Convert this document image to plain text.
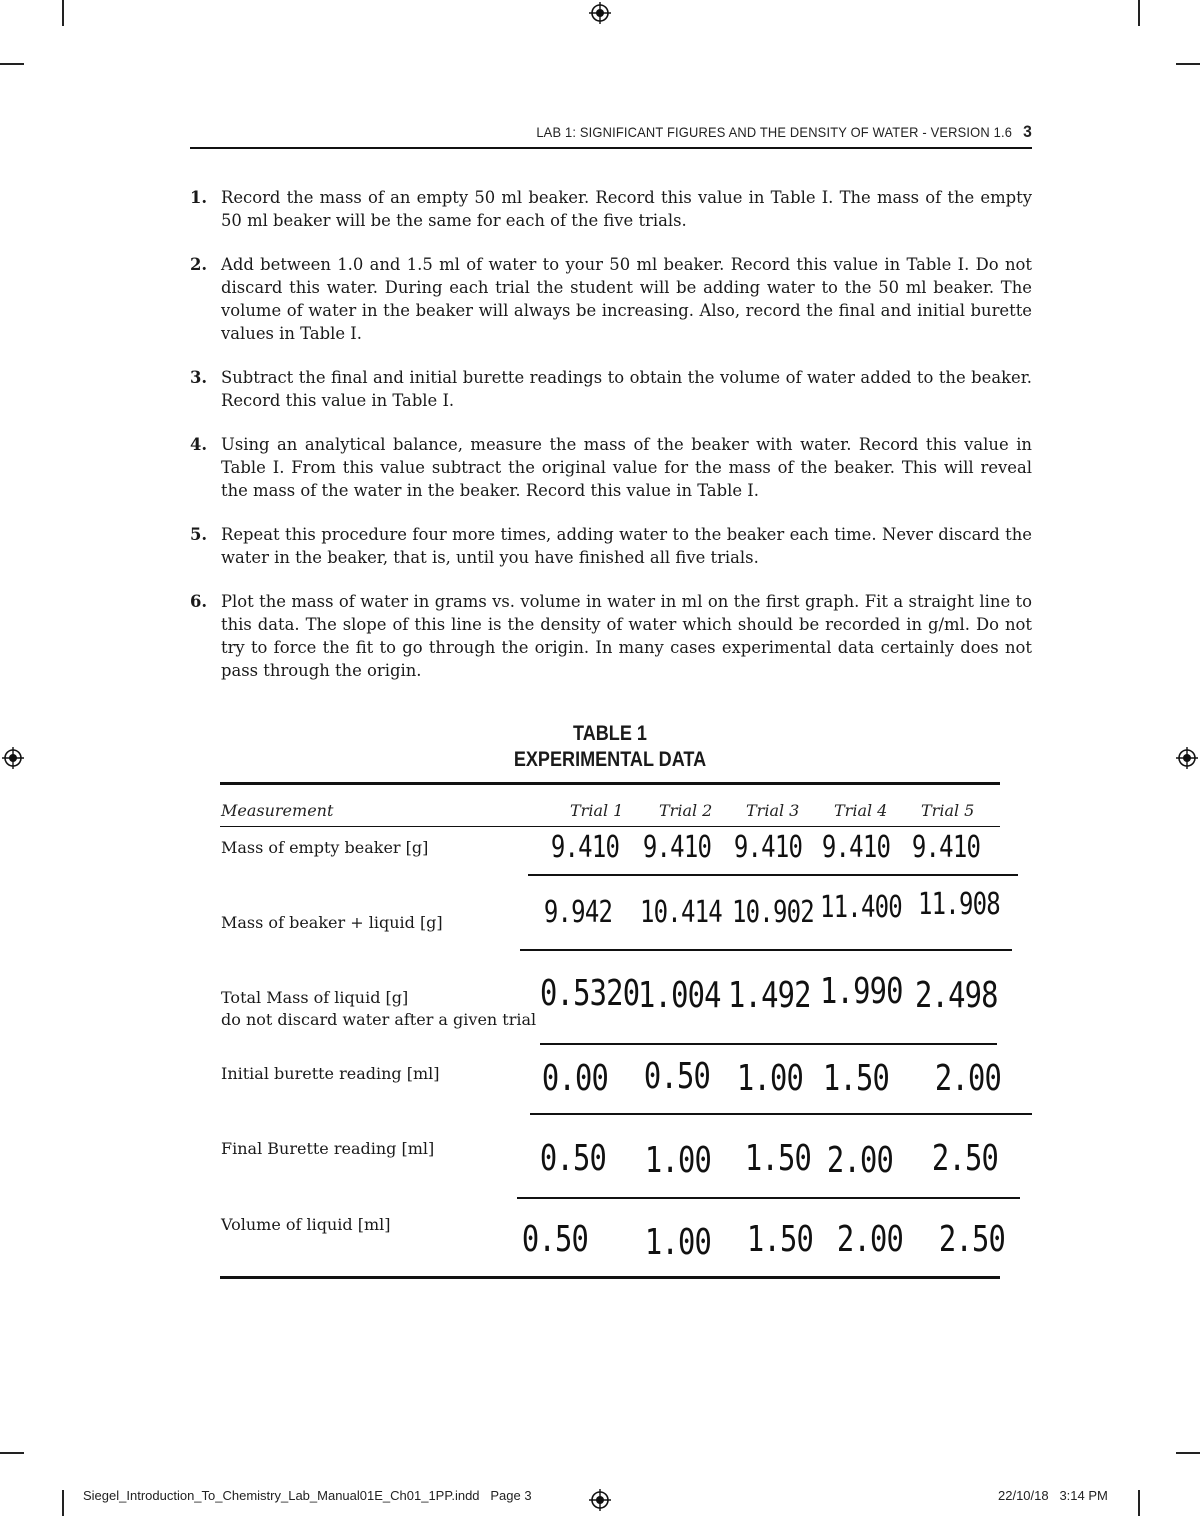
LAB 1: SIGNIFICANT FIGURES AND THE DENSITY OF WATER - VERSION 1.6 3
1. Record the mass of an empty 50 ml beaker. Record this value in Table I. The mass of the empty 50 ml beaker will be the same for each of the five trials.
2. Add between 1.0 and 1.5 ml of water to your 50 ml beaker. Record this value in Table I. Do not discard this water. During each trial the student will be adding water to the 50 ml beaker. The volume of water in the beaker will always be increasing. Also, record the final and initial burette values in Table I.
3. Subtract the final and initial burette readings to obtain the volume of water added to the beaker. Record this value in Table I.
4. Using an analytical balance, measure the mass of the beaker with water. Record this value in Table I. From this value subtract the original value for the mass of the beaker. This will reveal the mass of the water in the beaker. Record this value in Table I.
5. Repeat this procedure four more times, adding water to the beaker each time. Never discard the water in the beaker, that is, until you have finished all five trials.
6. Plot the mass of water in grams vs. volume in water in ml on the first graph. Fit a straight line to this data. The slope of this line is the density of water which should be recorded in g/ml. Do not try to force the fit to go through the origin. In many cases experimental data certainly does not pass through the origin.
TABLE 1
EXPERIMENTAL DATA
Measurement	Trial 1 Trial 2 Trial 3 Trial 4 Trial 5
Mass of empty beaker [g]
Mass of beaker + liquid [g]
Total Mass of liquid [g]
do not discard water after a given trial
Initial burette reading [ml]
Final Burette reading [ml]
Volume of liquid [ml]
9.410 9.410 9.410 9.410 9.410
9.942 10.414 10.902 11.400 11.908
0.5320
1.004 1.492 1.990 2.498
0.00 0.50 1.00 1.50 2.00
0.50 1.00 1.50 2.00 2.50
0.50 1.00 1.50 2.00 2.50
Siegel_Introduction_To_Chemistry_Lab_Manual01E_Ch01_1PP.indd   Page 3	22/10/18   3:14 PM
